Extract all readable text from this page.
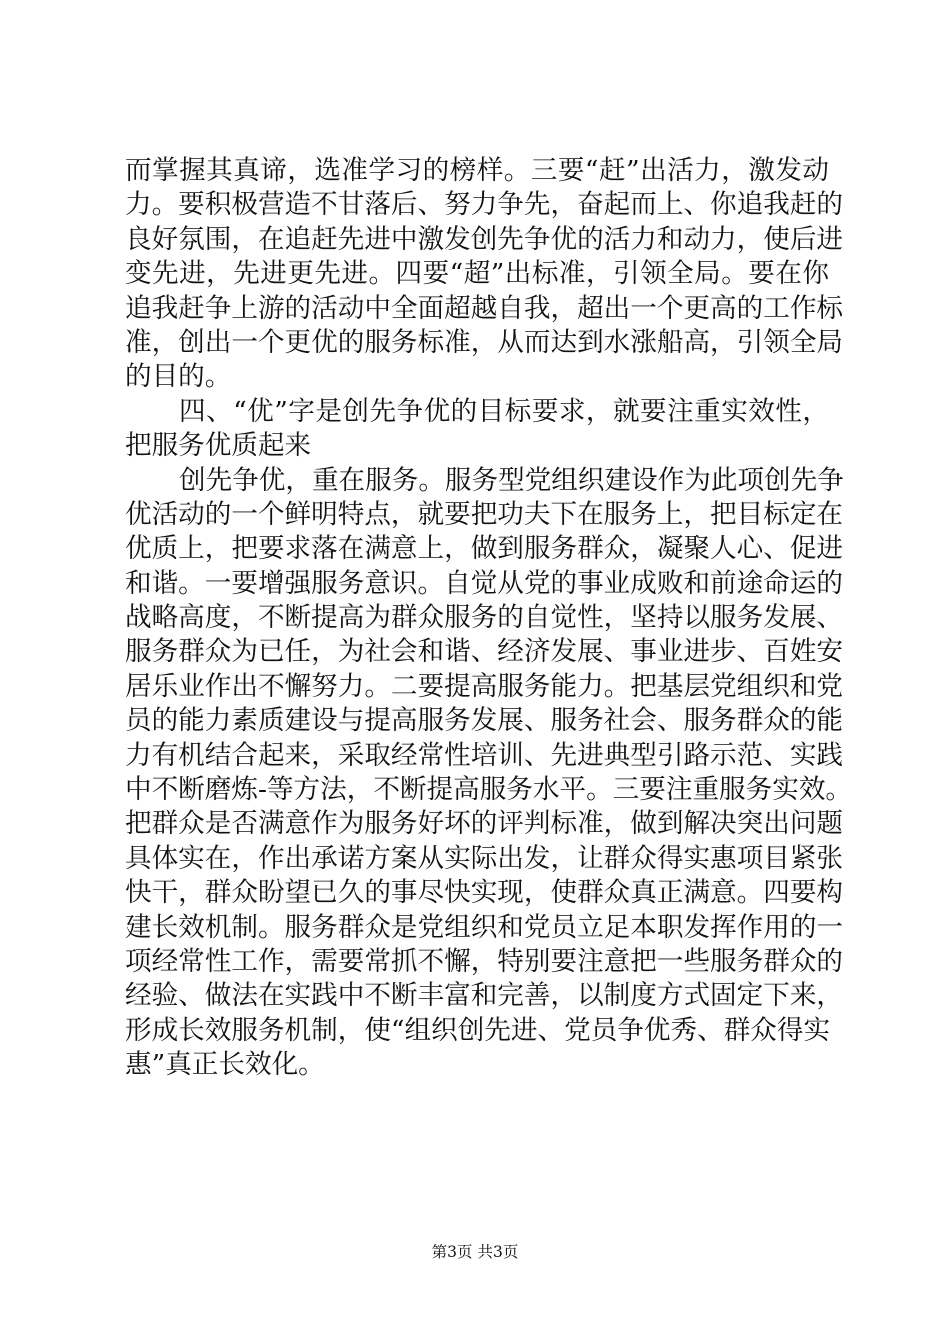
而掌握其真谛，选准学习的榜样。三要“赶”出活力，激发动
力。要积极营造不甘落后、努力争先，奋起而上、你追我赶的
良好氛围，在追赶先进中激发创先争优的活力和动力，使后进
变先进，先进更先进。四要“超”出标准，引领全局。要在你
追我赶争上游的活动中全面超越自我，超出一个更高的工作标
准，创出一个更优的服务标准，从而达到水涨船高，引领全局
的目的。
四、“优”字是创先争优的目标要求，就要注重实效性，
把服务优质起来
创先争优，重在服务。服务型党组织建设作为此项创先争
优活动的一个鲜明特点，就要把功夫下在服务上，把目标定在
优质上，把要求落在满意上，做到服务群众，凝聚人心、促进
和谐。一要增强服务意识。自觉从党的事业成败和前途命运的
战略高度，不断提高为群众服务的自觉性，坚持以服务发展、
服务群众为已任，为社会和谐、经济发展、事业进步、百姓安
居乐业作出不懈努力。二要提高服务能力。把基层党组织和党
员的能力素质建设与提高服务发展、服务社会、服务群众的能
力有机结合起来，采取经常性培训、先进典型引路示范、实践
中不断磨炼-等方法，不断提高服务水平。三要注重服务实效。
把群众是否满意作为服务好坏的评判标准，做到解决突出问题
具体实在，作出承诺方案从实际出发，让群众得实惠项目紧张
快干，群众盼望已久的事尽快实现，使群众真正满意。四要构
建长效机制。服务群众是党组织和党员立足本职发挥作用的一
项经常性工作，需要常抓不懈，特别要注意把一些服务群众的
经验、做法在实践中不断丰富和完善，以制度方式固定下来，
形成长效服务机制，使“组织创先进、党员争优秀、群众得实
惠”真正长效化。
第3页 共3页
